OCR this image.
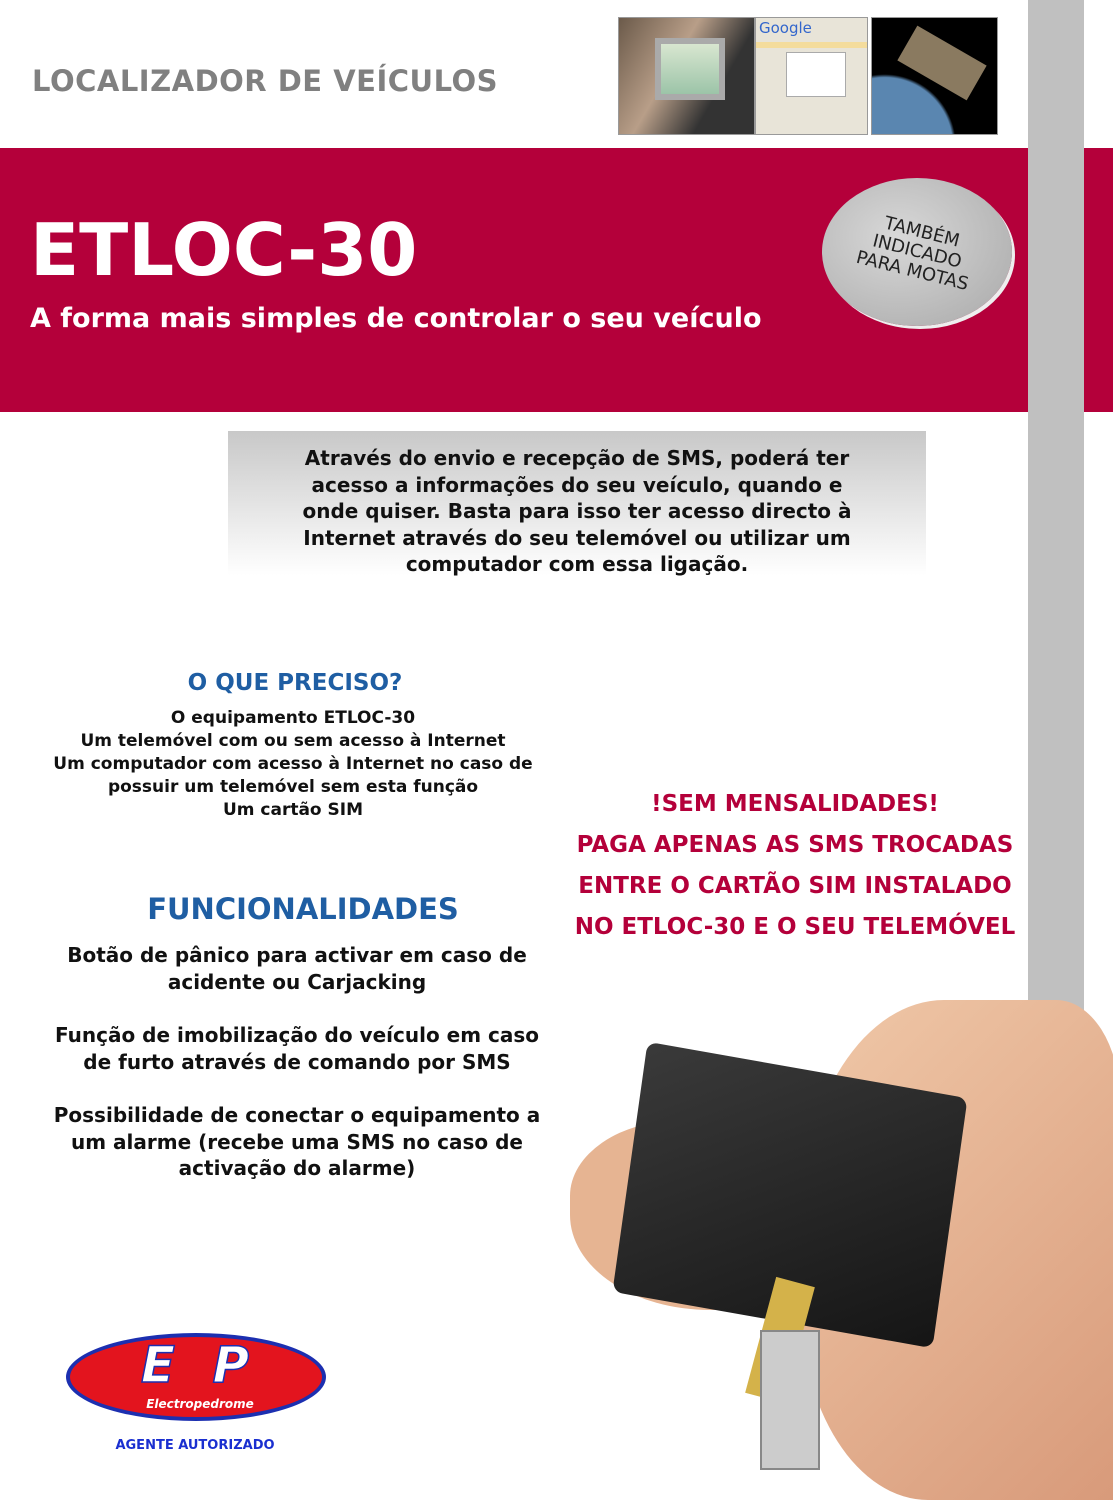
LOCALIZADOR DE VEÍCULOS
Google
ETLOC-30
A forma mais simples de controlar o seu veículo
TAMBÉM INDICADO PARA MOTAS
Através do envio e recepção de SMS, poderá ter acesso a informações do seu veículo, quando e onde quiser. Basta para isso ter acesso directo à Internet através do seu telemóvel ou utilizar um computador com essa ligação.
O QUE PRECISO?
O equipamento ETLOC-30
Um telemóvel com ou sem acesso à Internet
Um computador com acesso à Internet no caso de possuir um telemóvel sem esta função
Um cartão SIM
FUNCIONALIDADES
Botão de pânico para activar em caso de acidente ou Carjacking
Função de imobilização do veículo em caso de furto através de comando por SMS
Possibilidade de conectar o equipamento a um alarme (recebe uma SMS no caso de activação do alarme)
!SEM MENSALIDADES!
PAGA APENAS AS SMS TROCADAS
ENTRE O CARTÃO SIM INSTALADO
NO ETLOC-30 E O SEU TELEMÓVEL
E P
Electropedrome
AGENTE AUTORIZADO
